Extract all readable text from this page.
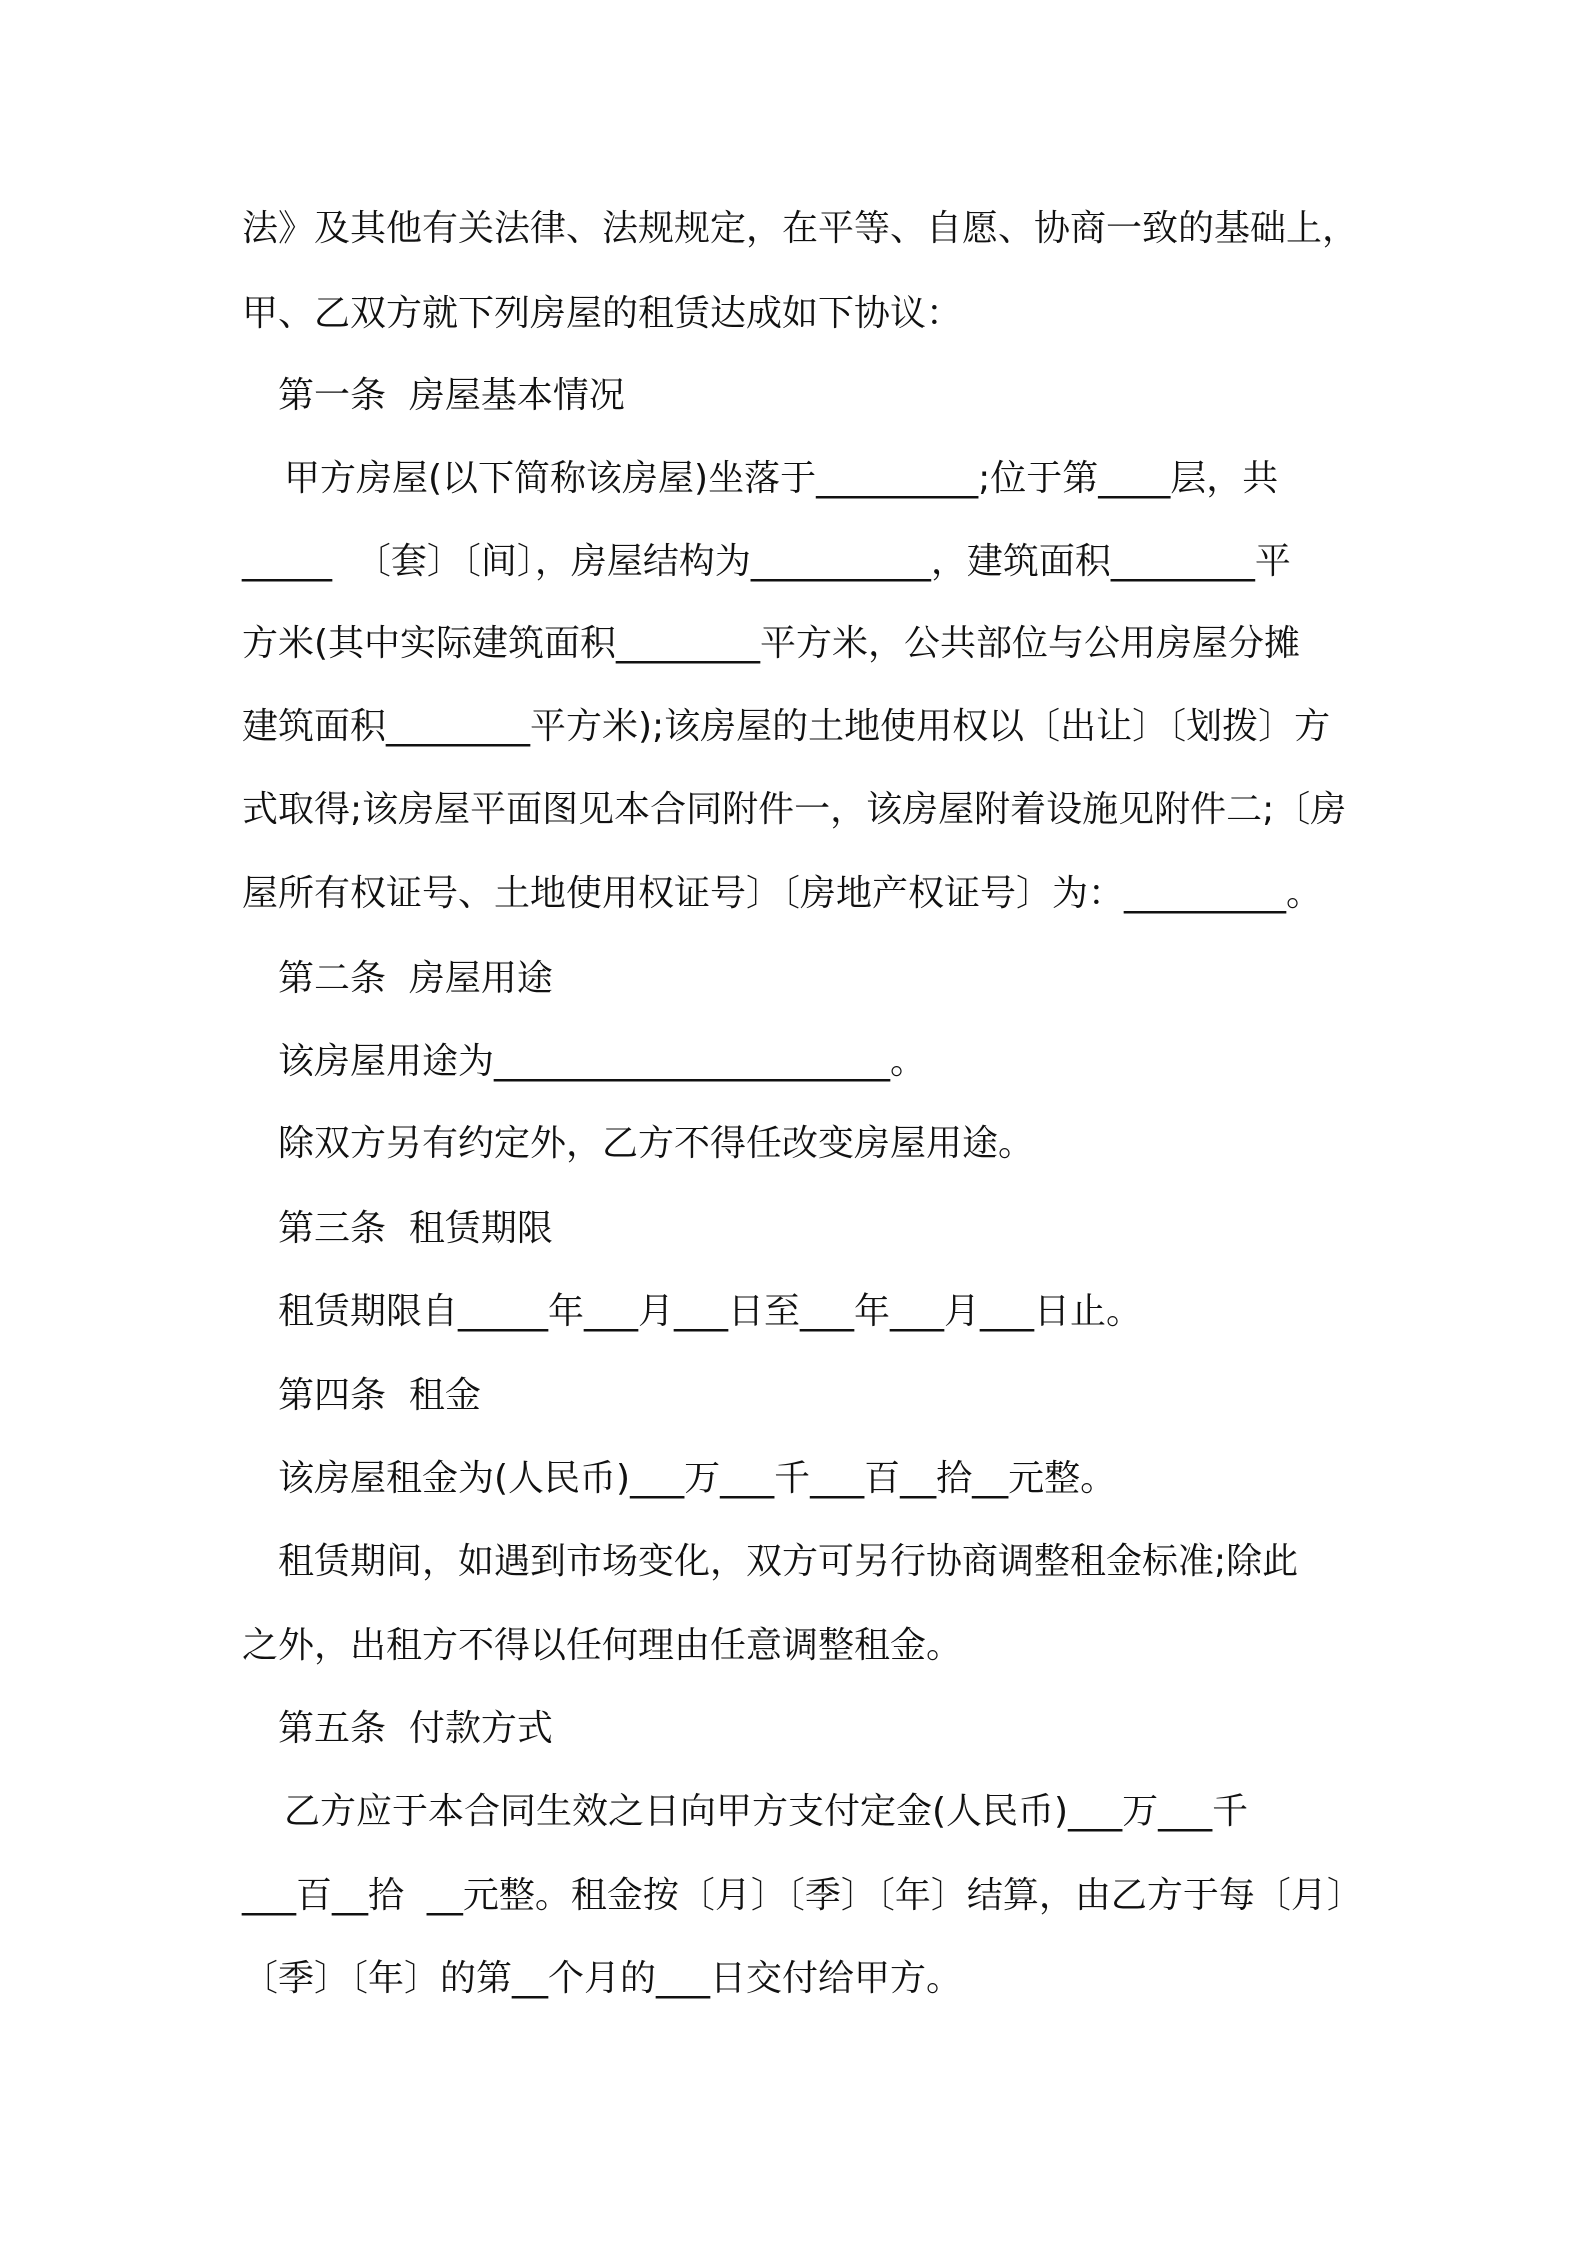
法》及其他有关法律、法规规定，在平等、自愿、协商一致的基础上，
甲、乙双方就下列房屋的租赁达成如下协议：
第一条  房屋基本情况
甲方房屋(以下简称该房屋)坐落于_________;位于第____层，共
_____  〔套〕〔间〕，房屋结构为__________，建筑面积________平
方米(其中实际建筑面积________平方米，公共部位与公用房屋分摊
建筑面积________平方米);该房屋的土地使用权以〔出让〕〔划拨〕方
式取得;该房屋平面图见本合同附件一，该房屋附着设施见附件二;〔房
屋所有权证号、土地使用权证号〕〔房地产权证号〕为：_________。
第二条  房屋用途
该房屋用途为______________________。
除双方另有约定外，乙方不得任改变房屋用途。
第三条  租赁期限
租赁期限自_____年___月___日至___年___月___日止。
第四条  租金
该房屋租金为(人民币)___万___千___百__拾__元整。
租赁期间，如遇到市场变化，双方可另行协商调整租金标准;除此
之外，出租方不得以任何理由任意调整租金。
第五条  付款方式
乙方应于本合同生效之日向甲方支付定金(人民币)___万___千
___百__拾  __元整。租金按〔月〕〔季〕〔年〕结算，由乙方于每〔月〕
〔季〕〔年〕的第__个月的___日交付给甲方。
